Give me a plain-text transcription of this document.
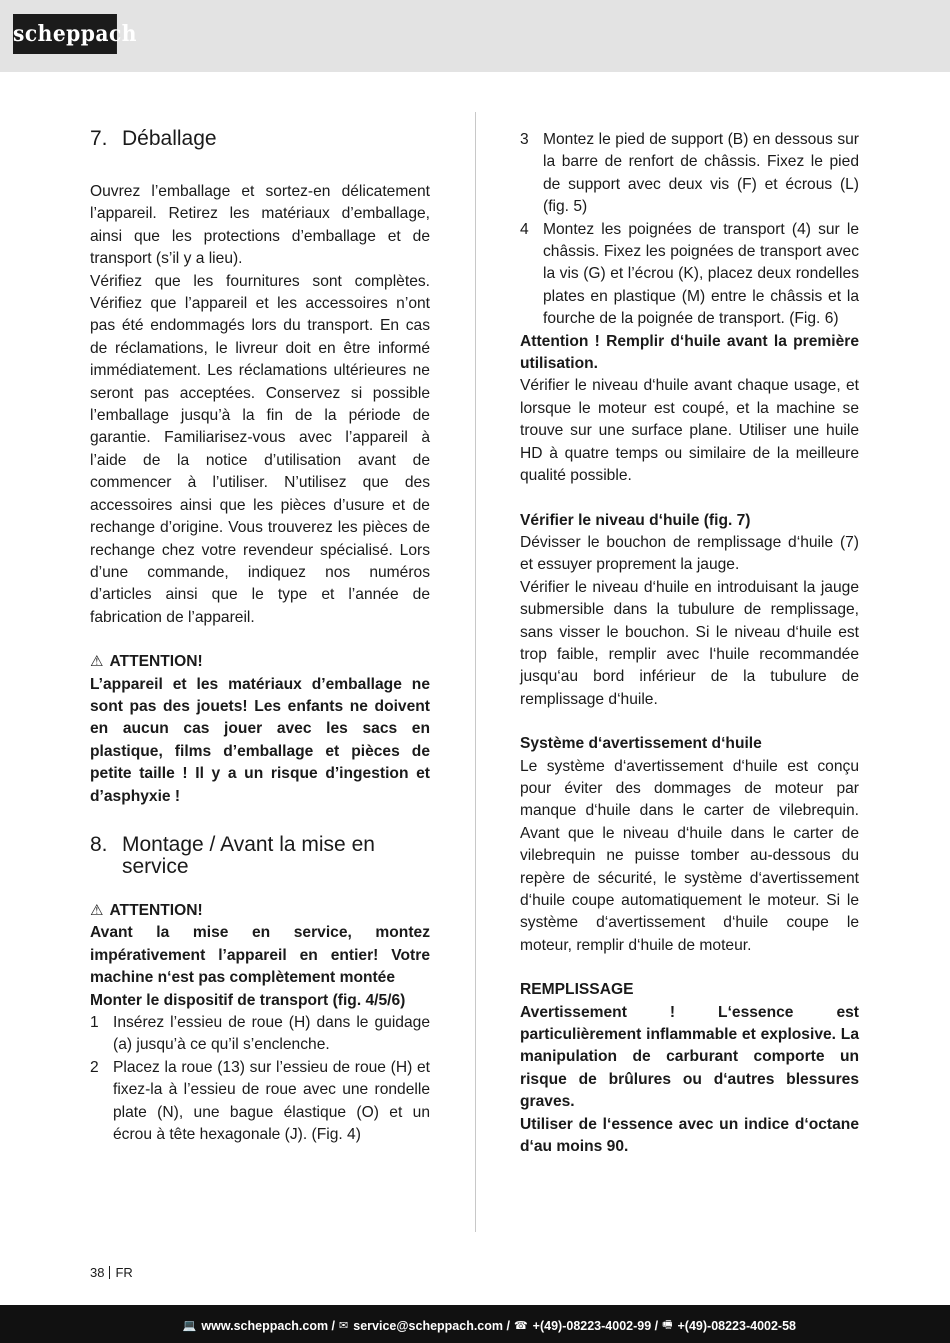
scheppach
7. Déballage

Ouvrez l’emballage et sortez-en délicatement l’appareil. Retirez les matériaux d’emballage, ainsi que les protections d’emballage et de transport (s’il y a lieu).

Vérifiez que les fournitures sont complètes. Vérifiez que l’appareil et les accessoires n’ont pas été endommagés lors du transport. En cas de réclamations, le livreur doit en être informé immédiatement. Les réclamations ultérieures ne seront pas acceptées. Conservez si possible l’emballage jusqu’à la fin de la période de garantie. Familiarisez-vous avec l’appareil à l’aide de la notice d’utilisation avant de commencer à l’utiliser. N’utilisez que des accessoires ainsi que les pièces d’usure et de rechange d’origine. Vous trouverez les pièces de rechange chez votre revendeur spécialisé. Lors d’une commande, indiquez nos numéros d’articles ainsi que le type et l’année de fabrication de l’appareil.

⚠ ATTENTION!

L’appareil et les matériaux d’emballage ne sont pas des jouets! Les enfants ne doivent en aucun cas jouer avec les sacs en plastique, films d’emballage et pièces de petite taille ! Il y a un risque d’ingestion et d’asphyxie !

8. Montage / Avant la mise en service
⚠ ATTENTION!

Avant la mise en service, montez impérativement l’appareil en entier! Votre machine n‘est pas complètement montée

Monter le dispositif de transport (fig. 4/5/6)

1 Insérez l’essieu de roue (H) dans le guidage (a) jusqu’à ce qu’il s’enclenche.
2 Placez la roue (13) sur l’essieu de roue (H) et fixez-la à l’essieu de roue avec une rondelle plate (N), une bague élastique (O) et un écrou à tête hexagonale (J). (Fig. 4)
3 Montez le pied de support (B) en dessous sur la barre de renfort de châssis. Fixez le pied de support avec deux vis (F) et écrous (L) (fig. 5)
4 Montez les poignées de transport (4) sur le châssis. Fixez les poignées de transport avec la vis (G) et l’écrou (K), placez deux rondelles plates en plastique (M) entre le châssis et la fourche de la poignée de transport. (Fig. 6)

Attention ! Remplir d‘huile avant la première utilisation.

Vérifier le niveau d‘huile avant chaque usage, et lorsque le moteur est coupé, et la machine se trouve sur une surface plane. Utiliser une huile HD à quatre temps ou similaire de la meilleure qualité possible.

Vérifier le niveau d‘huile (fig. 7)

Dévisser le bouchon de remplissage d‘huile (7) et essuyer proprement la jauge.

Vérifier le niveau d‘huile en introduisant la jauge submersible dans la tubulure de remplissage, sans visser le bouchon. Si le niveau d‘huile est trop faible, remplir avec l‘huile recommandée jusqu‘au bord inférieur de la tubulure de remplissage d‘huile.

Système d‘avertissement d‘huile

Le système d‘avertissement d‘huile est conçu pour éviter des dommages de moteur par manque d‘huile dans le carter de vilebrequin. Avant que le niveau d‘huile dans le carter de vilebrequin ne puisse tomber au-dessous du repère de sécurité, le système d‘avertissement d‘huile coupe automatiquement le moteur. Si le système d‘avertissement d‘huile coupe le moteur, remplir d‘huile de moteur.

REMPLISSAGE

Avertissement ! L‘essence est particulièrement inflammable et explosive. La manipulation de carburant comporte un risque de brûlures ou d‘autres blessures graves.

Utiliser de l‘essence avec un indice d‘octane d‘au moins 90.

38 FR
💻 www.scheppach.com / ✉ service@scheppach.com / ☎ +(49)-08223-4002-99 / 🖷 +(49)-08223-4002-58
